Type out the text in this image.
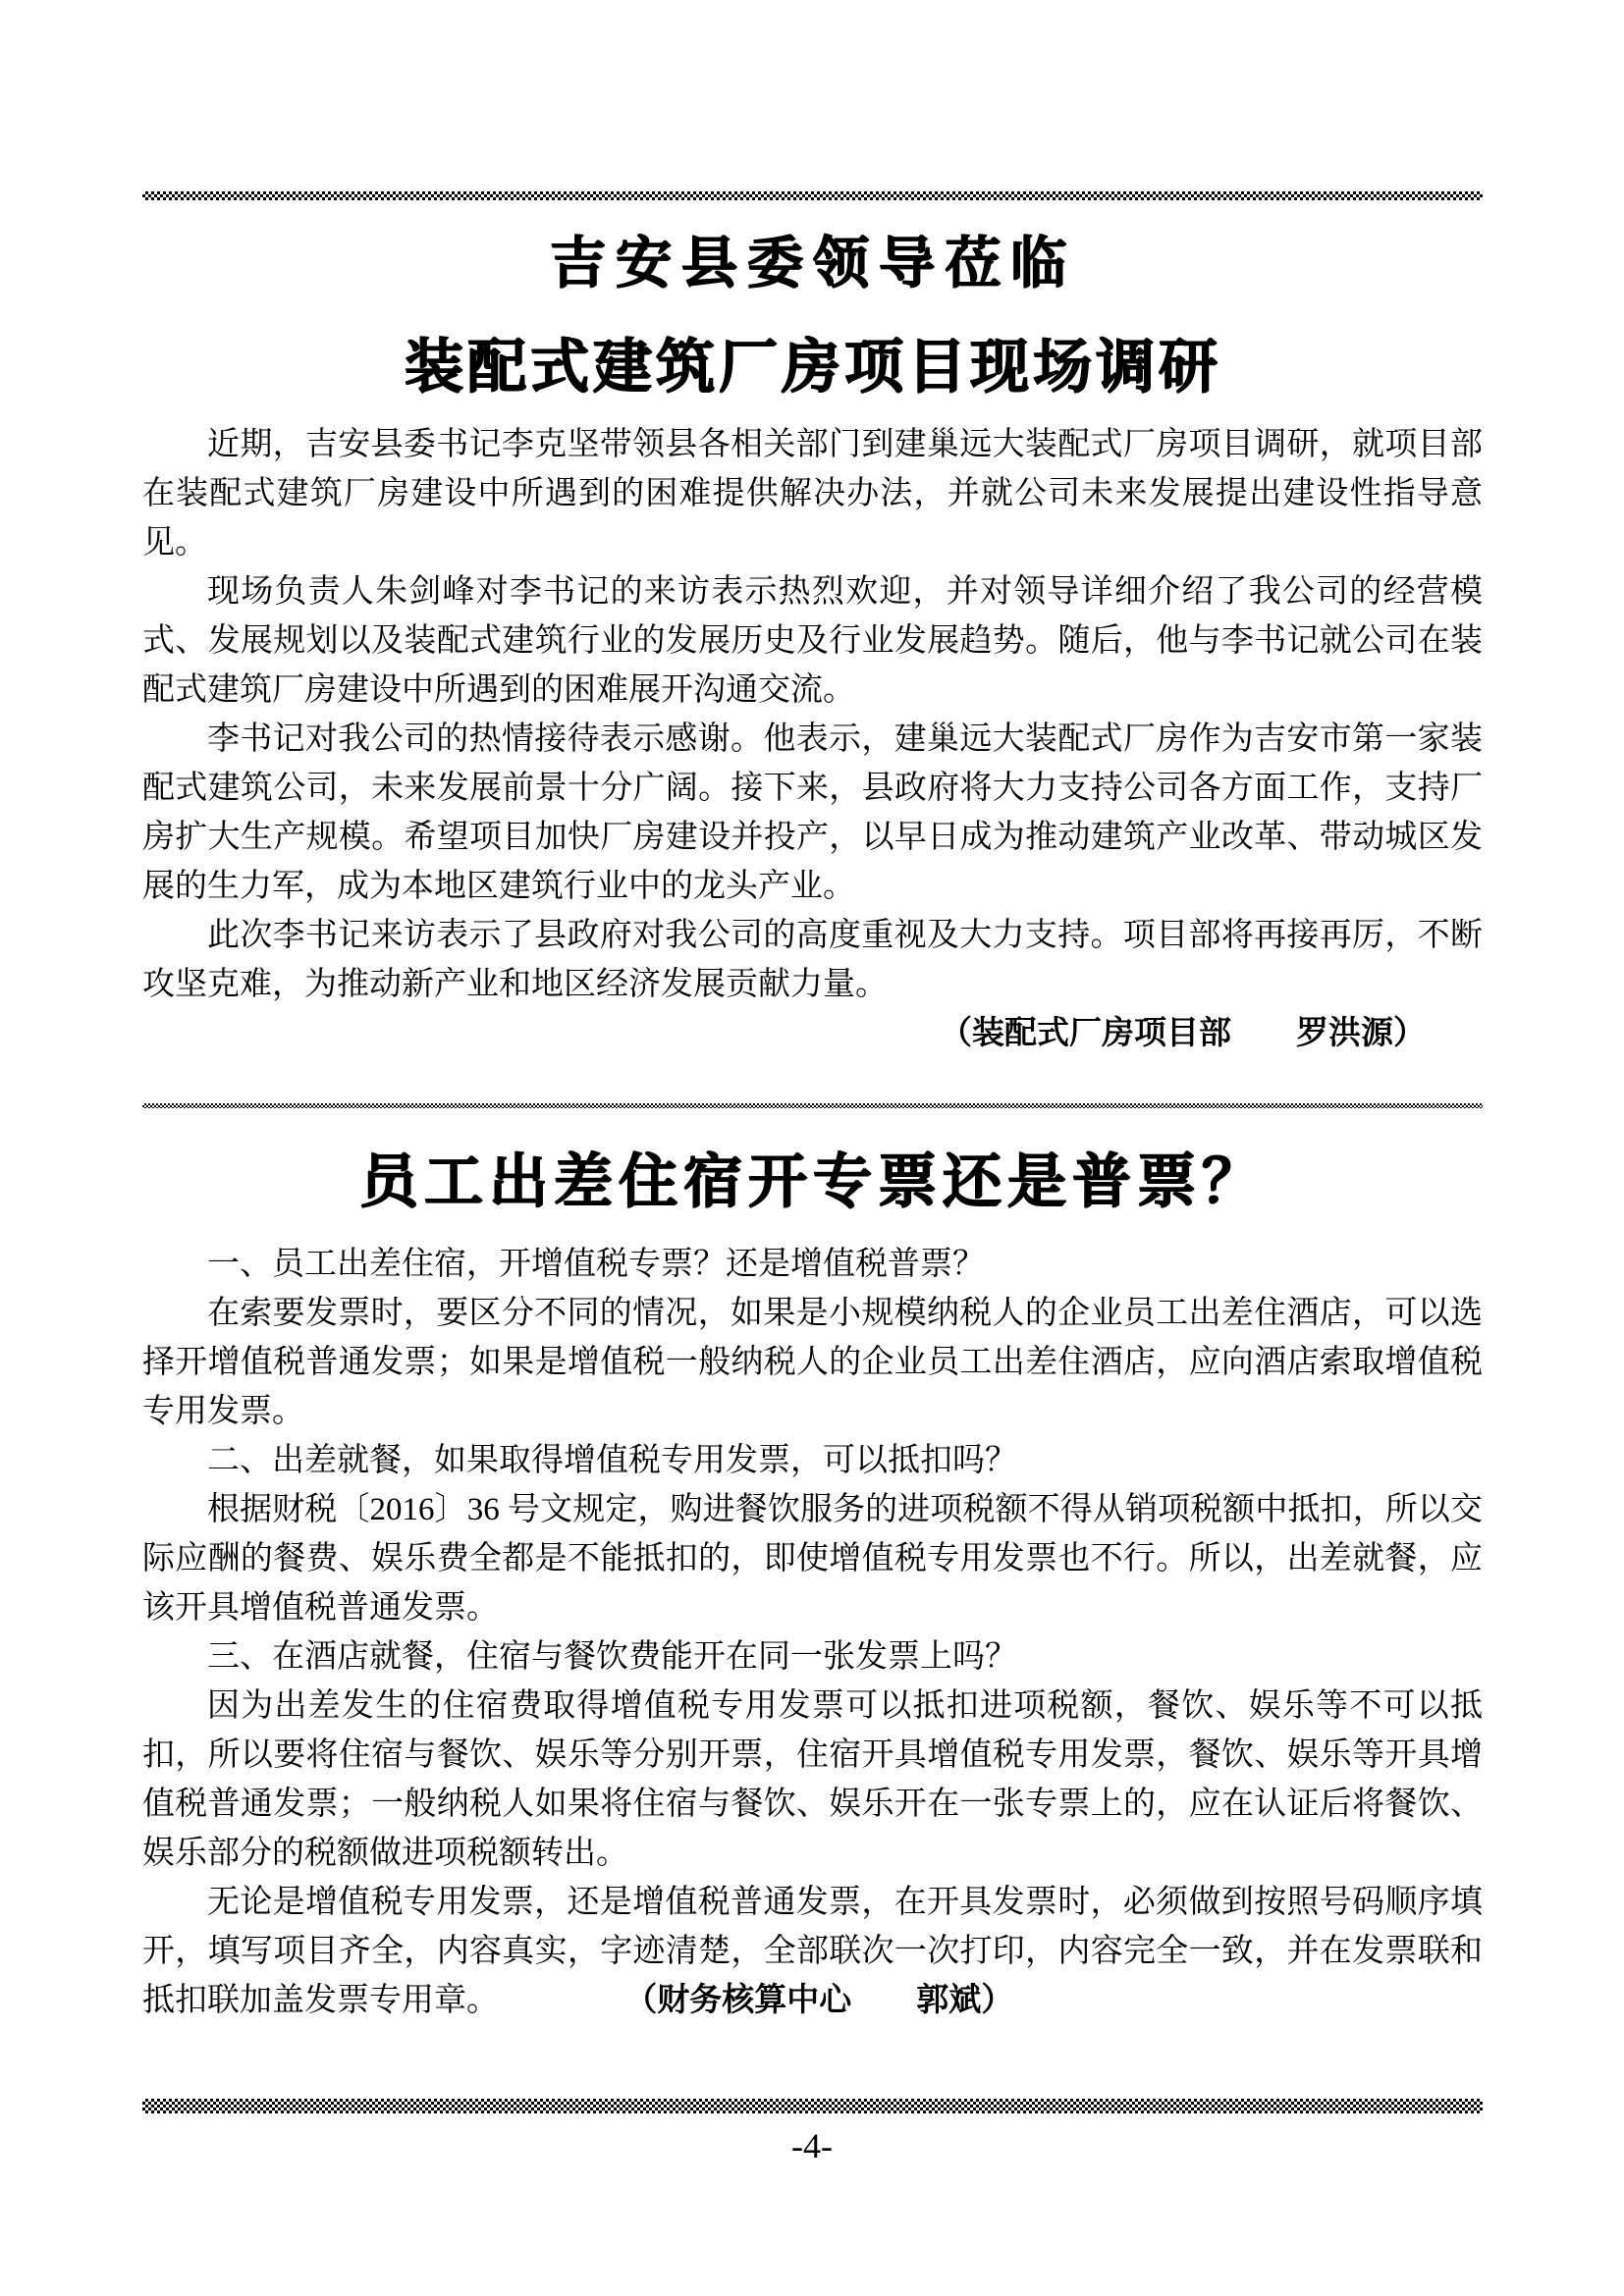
吉安县委领导莅临
装配式建筑厂房项目现场调研

近期，吉安县委书记李克坚带领县各相关部门到建巢远大装配式厂房项目调研，就项目部在装配式建筑厂房建设中所遇到的困难提供解决办法，并就公司未来发展提出建设性指导意见。

现场负责人朱剑峰对李书记的来访表示热烈欢迎，并对领导详细介绍了我公司的经营模式、发展规划以及装配式建筑行业的发展历史及行业发展趋势。随后，他与李书记就公司在装配式建筑厂房建设中所遇到的困难展开沟通交流。

李书记对我公司的热情接待表示感谢。他表示，建巢远大装配式厂房作为吉安市第一家装配式建筑公司，未来发展前景十分广阔。接下来，县政府将大力支持公司各方面工作，支持厂房扩大生产规模。希望项目加快厂房建设并投产，以早日成为推动建筑产业改革、带动城区发展的生力军，成为本地区建筑行业中的龙头产业。

此次李书记来访表示了县政府对我公司的高度重视及大力支持。项目部将再接再厉，不断攻坚克难，为推动新产业和地区经济发展贡献力量。

（装配式厂房项目部　　罗洪源）

员工出差住宿开专票还是普票？

一、员工出差住宿，开增值税专票？还是增值税普票？

在索要发票时，要区分不同的情况，如果是小规模纳税人的企业员工出差住酒店，可以选择开增值税普通发票；如果是增值税一般纳税人的企业员工出差住酒店，应向酒店索取增值税专用发票。

二、出差就餐，如果取得增值税专用发票，可以抵扣吗？

根据财税〔2016〕36 号文规定，购进餐饮服务的进项税额不得从销项税额中抵扣，所以交际应酬的餐费、娱乐费全都是不能抵扣的，即使增值税专用发票也不行。所以，出差就餐，应该开具增值税普通发票。

三、在酒店就餐，住宿与餐饮费能开在同一张发票上吗？

因为出差发生的住宿费取得增值税专用发票可以抵扣进项税额，餐饮、娱乐等不可以抵扣，所以要将住宿与餐饮、娱乐等分别开票，住宿开具增值税专用发票，餐饮、娱乐等开具增值税普通发票；一般纳税人如果将住宿与餐饮、娱乐开在一张专票上的，应在认证后将餐饮、娱乐部分的税额做进项税额转出。

无论是增值税专用发票，还是增值税普通发票，在开具发票时，必须做到按照号码顺序填开，填写项目齐全，内容真实，字迹清楚，全部联次一次打印，内容完全一致，并在发票联和抵扣联加盖发票专用章。	（财务核算中心　　郭斌）

-4-
